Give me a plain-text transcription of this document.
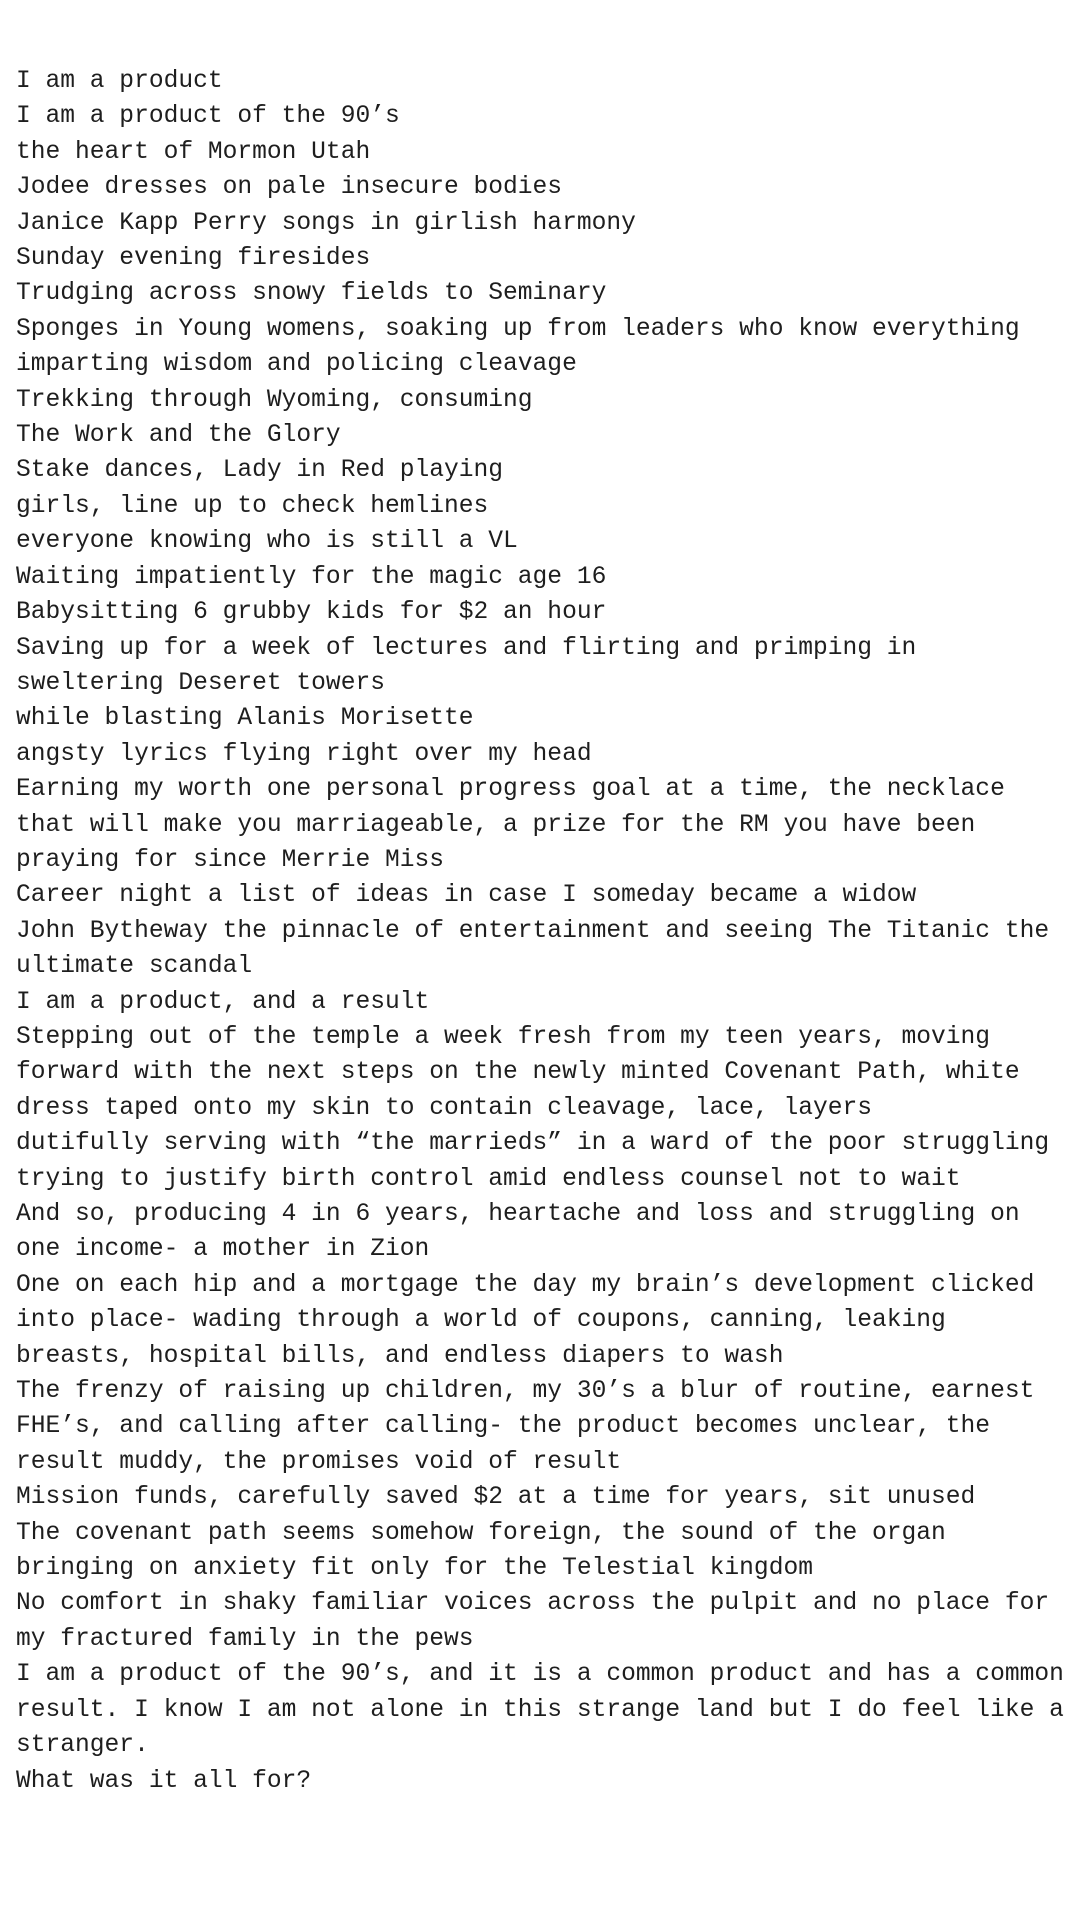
I am a product
I am a product of the 90’s
the heart of Mormon Utah
Jodee dresses on pale insecure bodies
Janice Kapp Perry songs in girlish harmony
Sunday evening firesides
Trudging across snowy fields to Seminary
Sponges in Young womens, soaking up from leaders who know everything imparting wisdom and policing cleavage
Trekking through Wyoming, consuming
The Work and the Glory
Stake dances, Lady in Red playing
girls, line up to check hemlines
everyone knowing who is still a VL
Waiting impatiently for the magic age 16
Babysitting 6 grubby kids for $2 an hour
Saving up for a week of lectures and flirting and primping in sweltering Deseret towers
while blasting Alanis Morisette
angsty lyrics flying right over my head
Earning my worth one personal progress goal at a time, the necklace that will make you marriageable, a prize for the RM you have been praying for since Merrie Miss
Career night a list of ideas in case I someday became a widow
John Bytheway the pinnacle of entertainment and seeing The Titanic the ultimate scandal
I am a product, and a result
Stepping out of the temple a week fresh from my teen years, moving forward with the next steps on the newly minted Covenant Path, white dress taped onto my skin to contain cleavage, lace, layers
dutifully serving with “the marrieds” in a ward of the poor struggling
trying to justify birth control amid endless counsel not to wait
And so, producing 4 in 6 years, heartache and loss and struggling on one income- a mother in Zion
One on each hip and a mortgage the day my brain’s development clicked into place- wading through a world of coupons, canning, leaking breasts, hospital bills, and endless diapers to wash
The frenzy of raising up children, my 30’s a blur of routine, earnest FHE’s, and calling after calling- the product becomes unclear, the result muddy, the promises void of result
Mission funds, carefully saved $2 at a time for years, sit unused
The covenant path seems somehow foreign, the sound of the organ bringing on anxiety fit only for the Telestial kingdom
No comfort in shaky familiar voices across the pulpit and no place for my fractured family in the pews
I am a product of the 90’s, and it is a common product and has a common result. I know I am not alone in this strange land but I do feel like a stranger.
What was it all for?
